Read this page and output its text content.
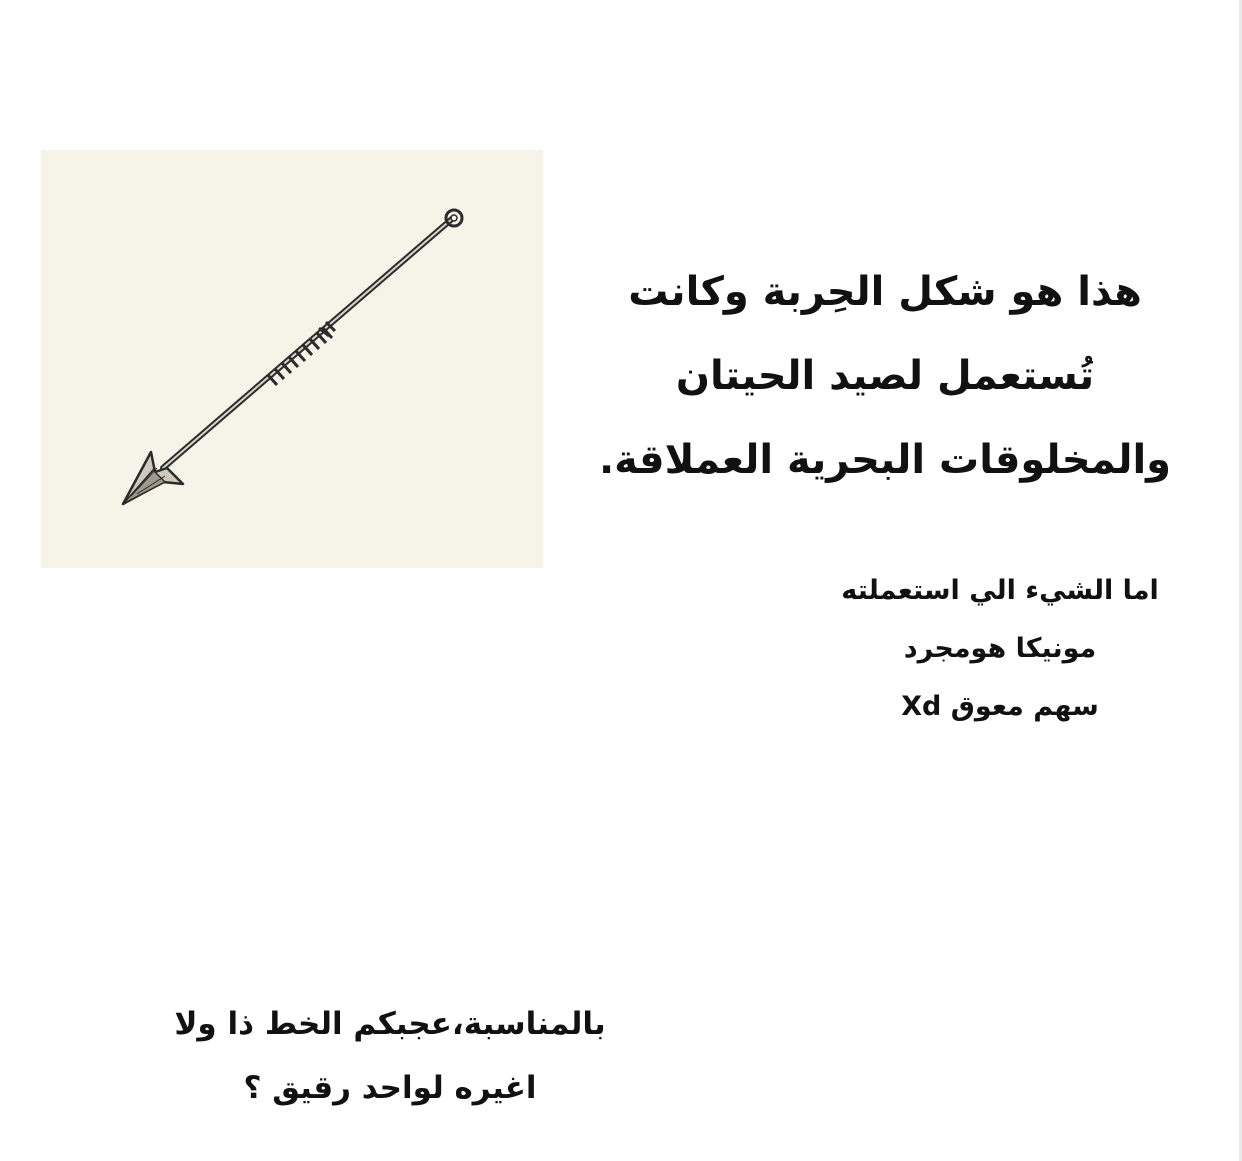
هذا هو شكل الحِربة وكانت
تُستعمل لصيد الحيتان
والمخلوقات البحرية العملاقة.
اما الشيء الي استعملته
مونيكا هومجرد
سهم معوق Xd
بالمناسبة،عجبكم الخط ذا ولا
اغيره لواحد رقيق ؟
